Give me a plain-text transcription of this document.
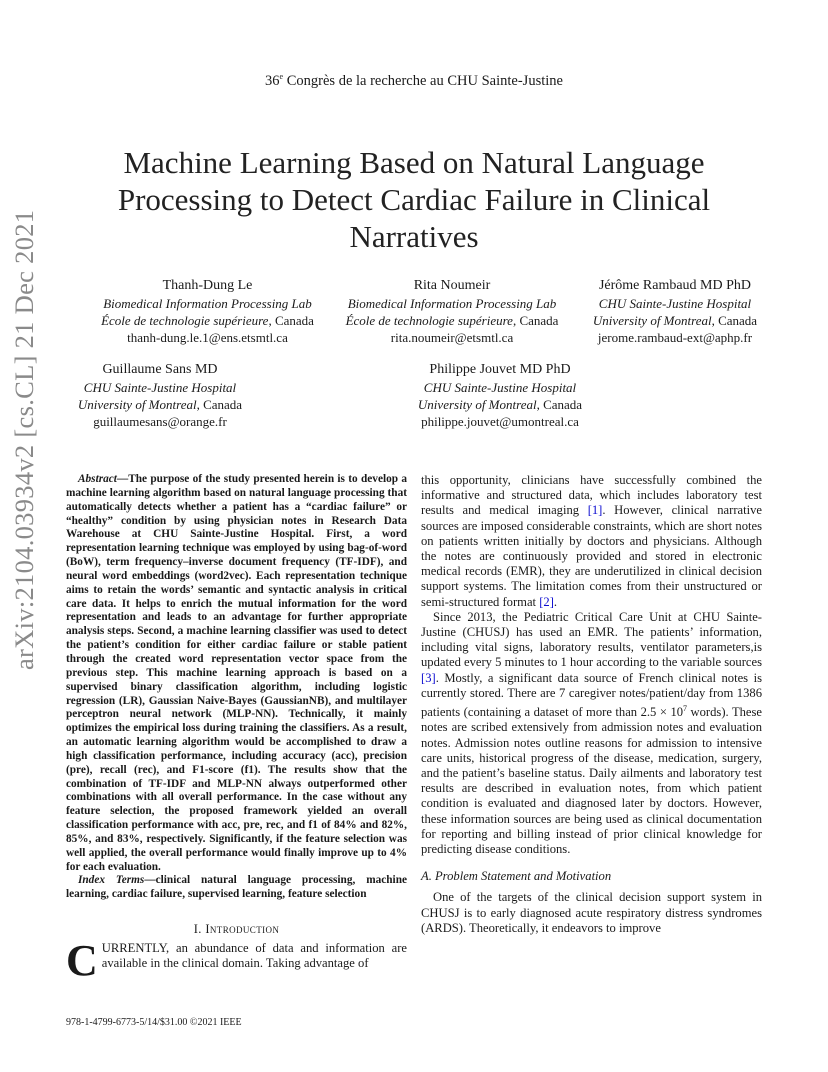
36e Congrès de la recherche au CHU Sainte-Justine
Machine Learning Based on Natural Language Processing to Detect Cardiac Failure in Clinical Narratives
arXiv:2104.03934v2 [cs.CL] 21 Dec 2021	Thanh-Dung Le
Biomedical Information Processing Lab
École de technologie supérieure, Canada
thanh-dung.le.1@ens.etsmtl.ca
Rita Noumeir
Biomedical Information Processing Lab
École de technologie supérieure, Canada
rita.noumeir@etsmtl.ca
Jérôme Rambaud MD PhD
CHU Sainte-Justine Hospital
University of Montreal, Canada
jerome.rambaud-ext@aphp.fr
Guillaume Sans MD
CHU Sainte-Justine Hospital
University of Montreal, Canada
guillaumesans@orange.fr
Philippe Jouvet MD PhD
CHU Sainte-Justine Hospital
University of Montreal, Canada
philippe.jouvet@umontreal.ca

Abstract—The purpose of the study presented herein is to develop a machine learning algorithm based on natural language processing that automatically detects whether a patient has a “cardiac failure” or “healthy” condition by using physician notes in Research Data Warehouse at CHU Sainte-Justine Hospital. First, a word representation learning technique was employed by using bag-of-word (BoW), term frequency–inverse document frequency (TF-IDF), and neural word embeddings (word2vec). Each representation technique aims to retain the words’ semantic and syntactic analysis in critical care data. It helps to enrich the mutual information for the word representation and leads to an advantage for further appropriate analysis steps. Second, a machine learning classifier was used to detect the patient’s condition for either cardiac failure or stable patient through the created word representation vector space from the previous step. This machine learning approach is based on a supervised binary classification algorithm, including logistic regression (LR), Gaussian Naive-Bayes (GaussianNB), and multilayer perceptron neural network (MLP-NN). Technically, it mainly optimizes the empirical loss during training the classifiers. As a result, an automatic learning algorithm would be accomplished to draw a high classification performance, including accuracy (acc), precision (pre), recall (rec), and F1-score (f1). The results show that the combination of TF-IDF and MLP-NN always outperformed other combinations with all overall performance. In the case without any feature selection, the proposed framework yielded an overall classification performance with acc, pre, rec, and f1 of 84% and 82%, 85%, and 83%, respectively. Significantly, if the feature selection was well applied, the overall performance would finally improve up to 4% for each evaluation.

Index Terms—clinical natural language processing, machine learning, cardiac failure, supervised learning, feature selection

I. Introduction
CURRENTLY, an abundance of data and information are available in the clinical domain. Taking advantage of

this opportunity, clinicians have successfully combined the informative and structured data, which includes laboratory test results and medical imaging [1]. However, clinical narrative sources are imposed considerable constraints, which are short notes on patients written initially by doctors and physicians. Although the notes are continuously provided and stored in electronic medical records (EMR), they are underutilized in clinical decision support systems. The limitation comes from their unstructured or semi-structured format [2].

Since 2013, the Pediatric Critical Care Unit at CHU Sainte-Justine (CHUSJ) has used an EMR. The patients’ information, including vital signs, laboratory results, ventilator parameters,is updated every 5 minutes to 1 hour according to the variable sources [3]. Mostly, a significant data source of French clinical notes is currently stored. There are 7 caregiver notes/patient/day from 1386 patients (containing a dataset of more than $2.5 \times 10^7$ words). These notes are scribed extensively from admission notes and evaluation notes. Admission notes outline reasons for admission to intensive care units, historical progress of the disease, medication, surgery, and the patient’s baseline status. Daily ailments and laboratory test results are described in evaluation notes, from which patient condition is evaluated and diagnosed later by doctors. However, these information sources are being used as clinical documentation for reporting and billing instead of prior clinical knowledge for predicting disease conditions.

A. Problem Statement and Motivation

One of the targets of the clinical decision support system in CHUSJ is to early diagnosed acute respiratory distress syndromes (ARDS). Theoretically, it endeavors to improve

978-1-4799-6773-5/14/$31.00 ©2021 IEEE
